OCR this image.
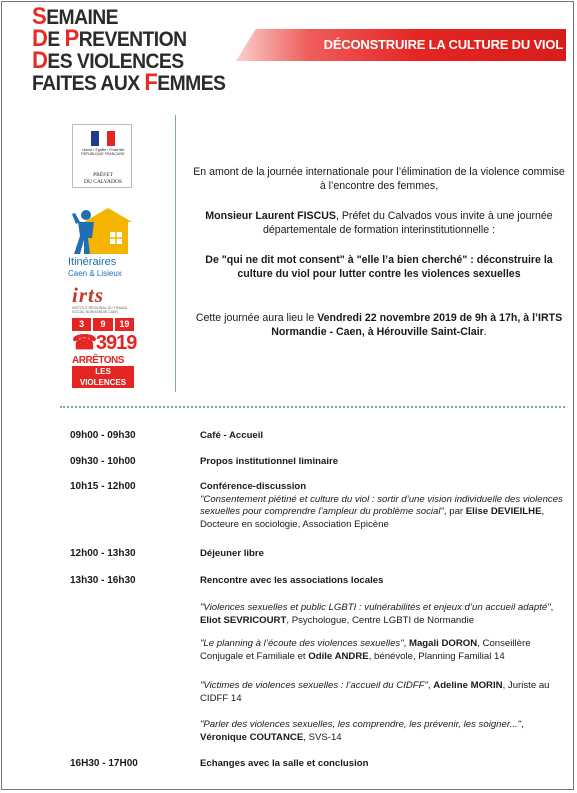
SEMAINE
DE PREVENTION
DES VIOLENCES
FAITES AUX FEMMES
DÉCONSTRUIRE LA CULTURE DU VIOL
Liberté • Égalité • Fraternité
RÉPUBLIQUE FRANÇAISE
PRÉFET
DU CALVADOS
Itinéraires
Caen & Lisieux
irts
INSTITUT RÉGIONAL DU TRAVAIL SOCIAL NORMANDIE-CAEN
3	9	19
☎3919
ARRÊTONS
LES VIOLENCES
En amont de la journée internationale pour l’élimination de la violence commise à l’encontre des femmes,
Monsieur Laurent FISCUS, Préfet du Calvados vous invite à une journée départementale de formation interinstitutionnelle :
De "qui ne dit mot consent" à "elle l’a bien cherché" : déconstruire la culture du viol pour lutter contre les violences sexuelles
Cette journée aura lieu le Vendredi 22 novembre 2019 de 9h à 17h, à l’IRTS Normandie - Caen, à Hérouville Saint-Clair.
09h00 - 09h30	Café - Accueil
09h30 - 10h00	Propos institutionnel liminaire
10h15 - 12h00	Conférence-discussion
"Consentement piétiné et culture du viol : sortir d’une vision individuelle des violences sexuelles pour comprendre l’ampleur du problème social", par Elise DEVIEILHE, Docteure en sociologie, Association Epicène
12h00 - 13h30	Déjeuner libre
13h30 - 16h30	Rencontre avec les associations locales
"Violences sexuelles et public LGBTI : vulnérabilités et enjeux d’un accueil adapté", Eliot SEVRICOURT, Psychologue, Centre LGBTI de Normandie
"Le planning à l’écoute des violences sexuelles", Magali DORON, Conseillère Conjugale et Familiale et Odile ANDRE, bénévole, Planning Familial 14
"Victimes de violences sexuelles : l’accueil du CIDFF", Adeline MORIN, Juriste au CIDFF 14
"Parler des violences sexuelles, les comprendre, les prévenir, les soigner...", Véronique COUTANCE, SVS-14
16H30 - 17H00	Echanges avec la salle et conclusion
